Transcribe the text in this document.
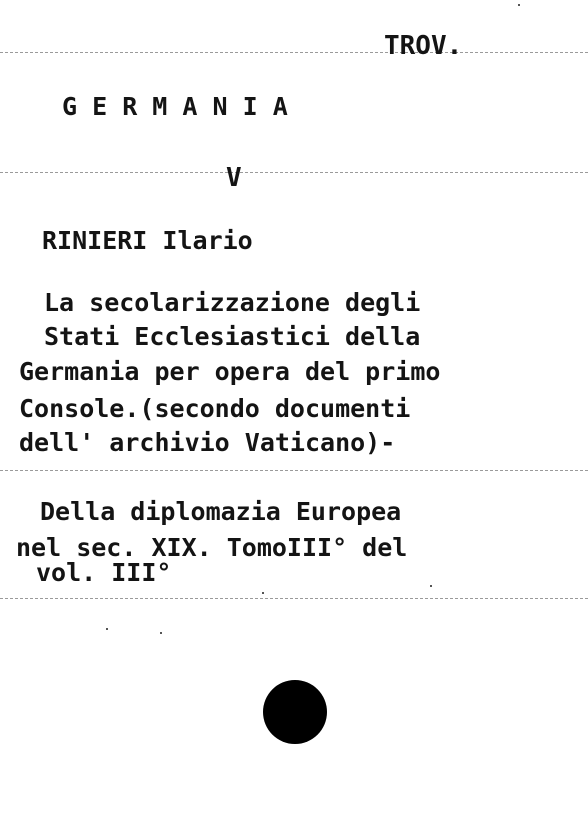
TROV.
G E R M A N I A
V
RINIERI Ilario
La secolarizzazione degli
Stati Ecclesiastici della
Germania per opera del primo
Console.(secondo documenti
dell' archivio Vaticano)-
Della diplomazia Europea
nel sec. XIX. TomoIII° del
vol. III°
